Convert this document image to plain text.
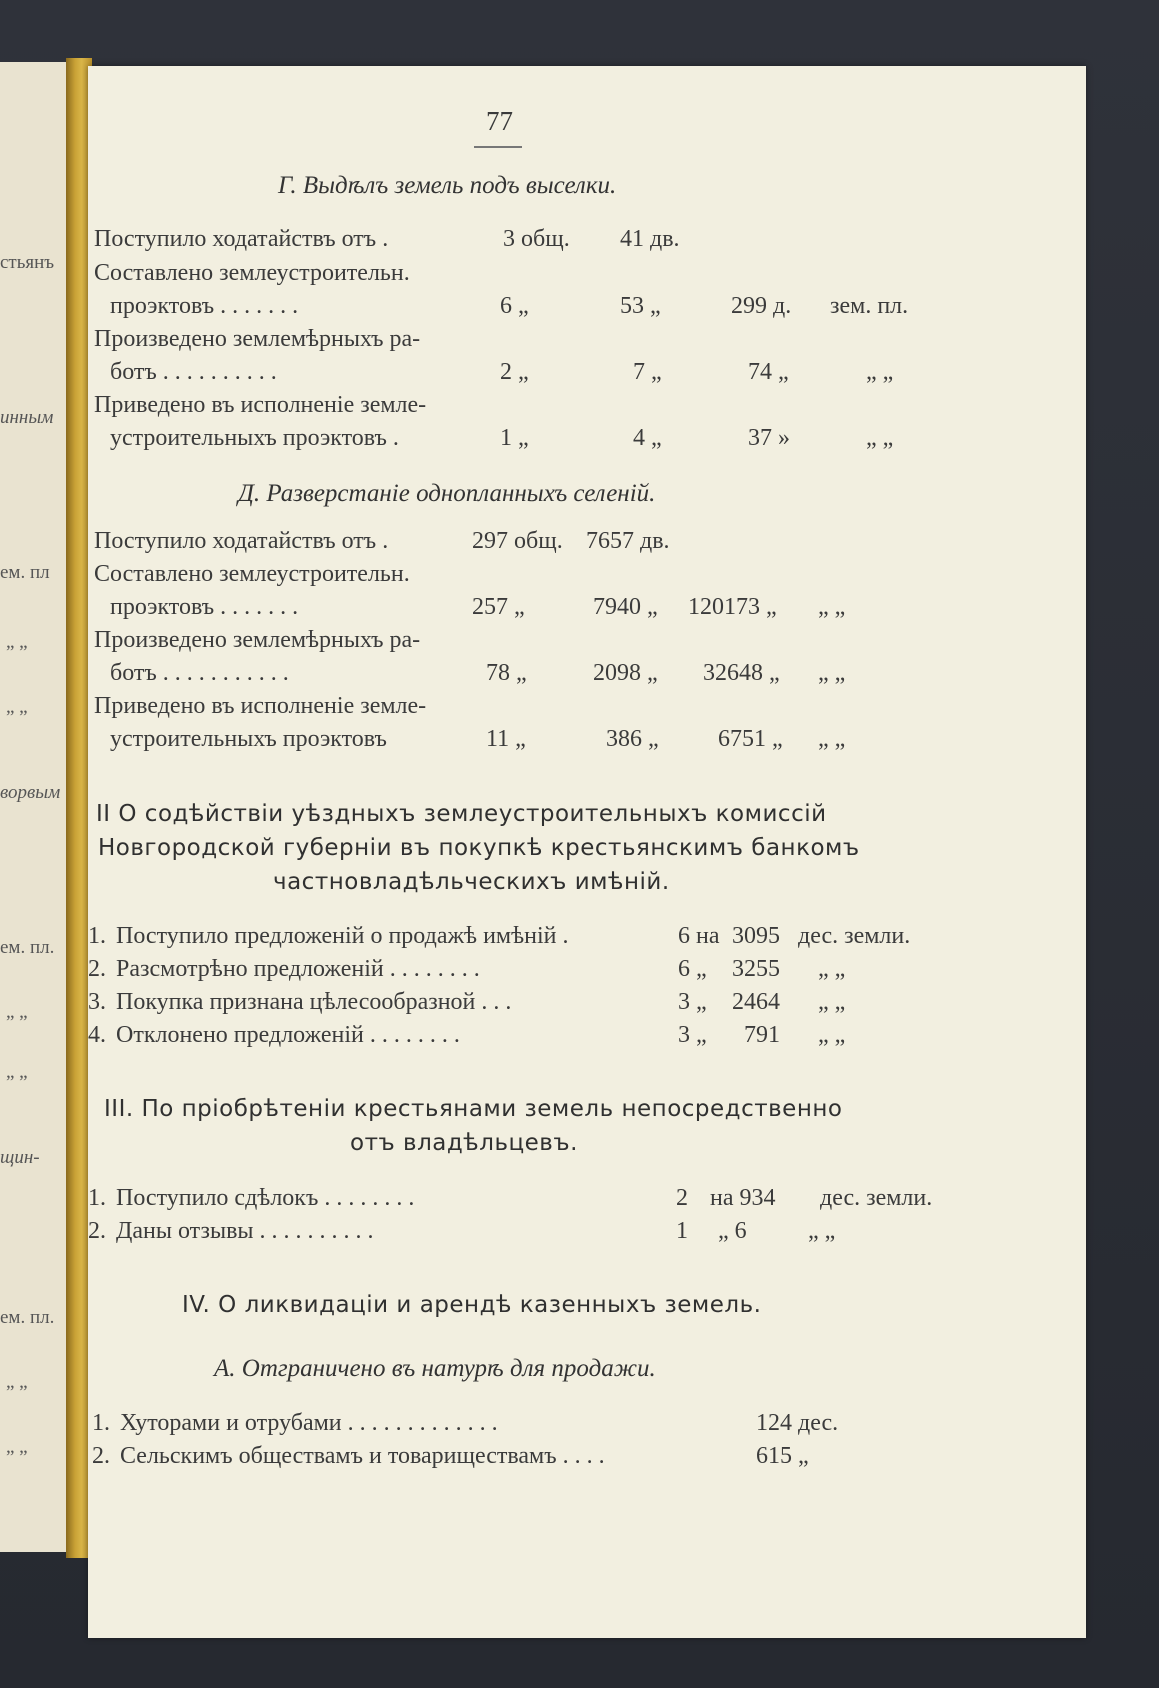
стьянъ
инным
ем. пл
” ”
” ”
ворвым
ем. пл.
” ”
” ”
щин-
ем. пл.
” ”
” ”
77
Г. Выдѣлъ земель подъ выселки.
Поступило ходатайствъ отъ .	3 общ. 41 дв.
Составлено землеустроительн.
проэктовъ . . . . . . .	6 „	53 „	299 д. зем. пл.
Произведено землемѣрныхъ ра-
ботъ . . . . . . . . . .	2 „	7 „	74 „	„ „
Приведено въ исполненіе земле-
устроительныхъ проэктовъ .	1 „	4 „	37 »	„ „
Д. Разверстаніе однопланныхъ селеній.
Поступило ходатайствъ отъ .	297 общ. 7657 дв.
Составлено землеустроительн.
проэктовъ . . . . . . .	257 „	7940 „ 120173 „ „ „
Произведено землемѣрныхъ ра-
ботъ . . . . . . . . . . .	78 „	2098 „ 32648 „ „ „
Приведено въ исполненіе земле-
устроительныхъ проэктовъ	11 „	386 „ 6751 „ „ „
II О содѣйствіи уѣздныхъ землеустроительныхъ комиссій
Новгородской губерніи въ покупкѣ крестьянскимъ банкомъ
частновладѣльческихъ имѣній.
1. Поступило предложеній о продажѣ имѣній .	6 на 3095 дес. земли.
2. Разсмотрѣно предложеній . . . . . . . .	6 „ 3255 „ „
3. Покупка признана цѣлесообразной . . .	3 „ 2464 „ „
4. Отклонено предложеній . . . . . . . .	3 „ 791 „ „
III. По пріобрѣтеніи крестьянами земель непосредственно
отъ владѣльцевъ.
1. Поступило сдѣлокъ . . . . . . . .	2 на 934 дес. земли.
2. Даны отзывы . . . . . . . . . .	1 „ 6	„ „
IV. О ликвидаціи и арендѣ казенныхъ земель.
А. Отграничено въ натурѣ для продажи.
1. Хуторами и отрубами . . . . . . . . . . . . .	124 дес.
2. Сельскимъ обществамъ и товариществамъ . . . .	615 „
